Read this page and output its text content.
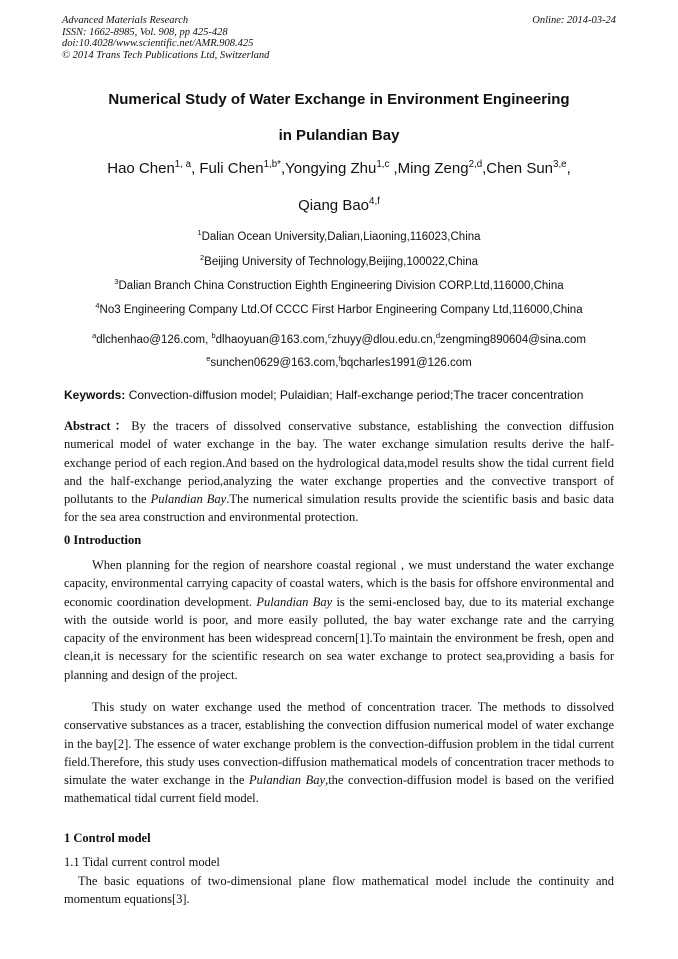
Advanced Materials Research
ISSN: 1662-8985, Vol. 908, pp 425-428
doi:10.4028/www.scientific.net/AMR.908.425
© 2014 Trans Tech Publications Ltd, Switzerland
Online: 2014-03-24
Numerical Study of Water Exchange in Environment Engineering
in Pulandian Bay
Hao Chen$^{1, a}$, Fuli Chen$^{1,b*}$,Yongying Zhu$^{1,c}$ ,Ming Zeng$^{2,d}$,Chen Sun$^{3,e}$,
Qiang Bao$^{4,f}$
$^1$Dalian Ocean University,Dalian,Liaoning,116023,China
$^2$Beijing University of Technology,Beijing,100022,China
$^3$Dalian Branch China Construction Eighth Engineering Division CORP.Ltd,116000,China
$^4$No3 Engineering Company Ltd.Of CCCC First Harbor Engineering Company Ltd,116000,China
$^a$dlchenhao@126.com, $^b$dlhaoyuan@163.com,$^c$zhuyy@dlou.edu.cn,$^d$zengming890604@sina.com
$^e$sunchen0629@163.com,$^f$bqcharles1991@126.com
Keywords: Convection-diffusion model; Pulaidian; Half-exchange period;The tracer concentration
Abstract：By the tracers of dissolved conservative substance, establishing the convection diffusion numerical model of water exchange in the bay. The water exchange simulation results derive the half-exchange period of each region.And based on the hydrological data,model results show the tidal current field and the half-exchange period,analyzing the water exchange properties and the convective transport of pollutants to the Pulandian Bay.The numerical simulation results provide the scientific basis and basic data for the sea area construction and environmental protection.
0 Introduction
When planning for the region of nearshore coastal regional , we must understand the water exchange capacity, environmental carrying capacity of coastal waters, which is the basis for offshore environmental and economic coordination development. Pulandian Bay is the semi-enclosed bay, due to its material exchange with the outside world is poor, and more easily polluted, the bay water exchange rate and the carrying capacity of the environment has been widespread concern[1].To maintain the environment be fresh, open and clean,it is necessary for the scientific research on sea water exchange to protect sea,providing a basis for planning and design of the project.
This study on water exchange used the method of concentration tracer. The methods to dissolved conservative substances as a tracer, establishing the convection diffusion numerical model of water exchange in the bay[2]. The essence of water exchange problem is the convection-diffusion problem in the tidal current field.Therefore, this study uses convection-diffusion mathematical models of concentration tracer methods to simulate the water exchange in the Pulandian Bay,the convection-diffusion model is based on the verified mathematical tidal current field model.
1 Control model
1.1 Tidal current control model
The basic equations of two-dimensional plane flow mathematical model include the continuity and momentum equations[3].
